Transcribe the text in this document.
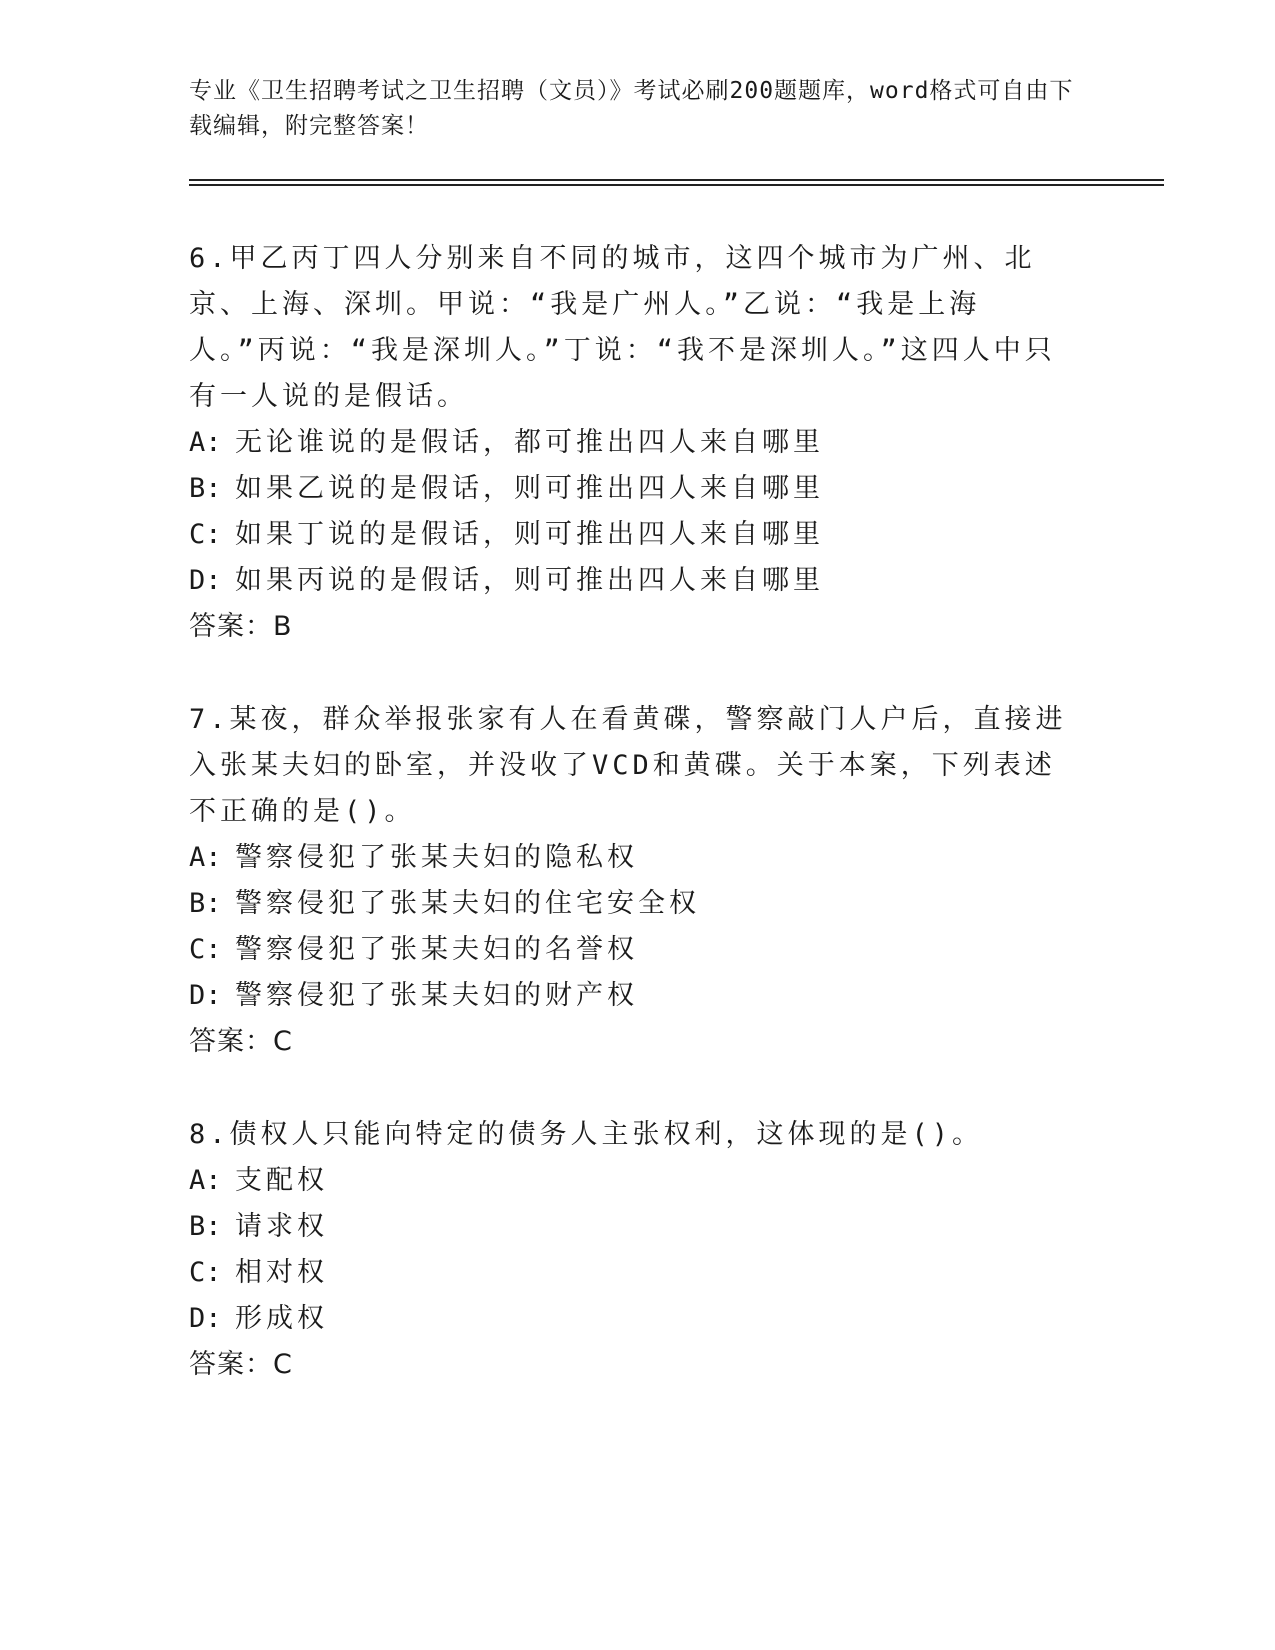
专业《卫生招聘考试之卫生招聘（文员）》考试必刷200题题库，word格式可自由下载编辑，附完整答案！

6.甲乙丙丁四人分别来自不同的城市，这四个城市为广州、北京、上海、深圳。甲说：“我是广州人。”乙说：“我是上海人。”丙说：“我是深圳人。”丁说：“我不是深圳人。”这四人中只有一人说的是假话。

A: 无论谁说的是假话，都可推出四人来自哪里
B: 如果乙说的是假话，则可推出四人来自哪里
C: 如果丁说的是假话，则可推出四人来自哪里
D: 如果丙说的是假话，则可推出四人来自哪里
答案：B

7.某夜，群众举报张家有人在看黄碟，警察敲门人户后，直接进入张某夫妇的卧室，并没收了VCD和黄碟。关于本案，下列表述不正确的是()。

A: 警察侵犯了张某夫妇的隐私权
B: 警察侵犯了张某夫妇的住宅安全权
C: 警察侵犯了张某夫妇的名誉权
D: 警察侵犯了张某夫妇的财产权
答案：C

8.债权人只能向特定的债务人主张权利，这体现的是()。

A: 支配权
B: 请求权
C: 相对权
D: 形成权
答案：C
